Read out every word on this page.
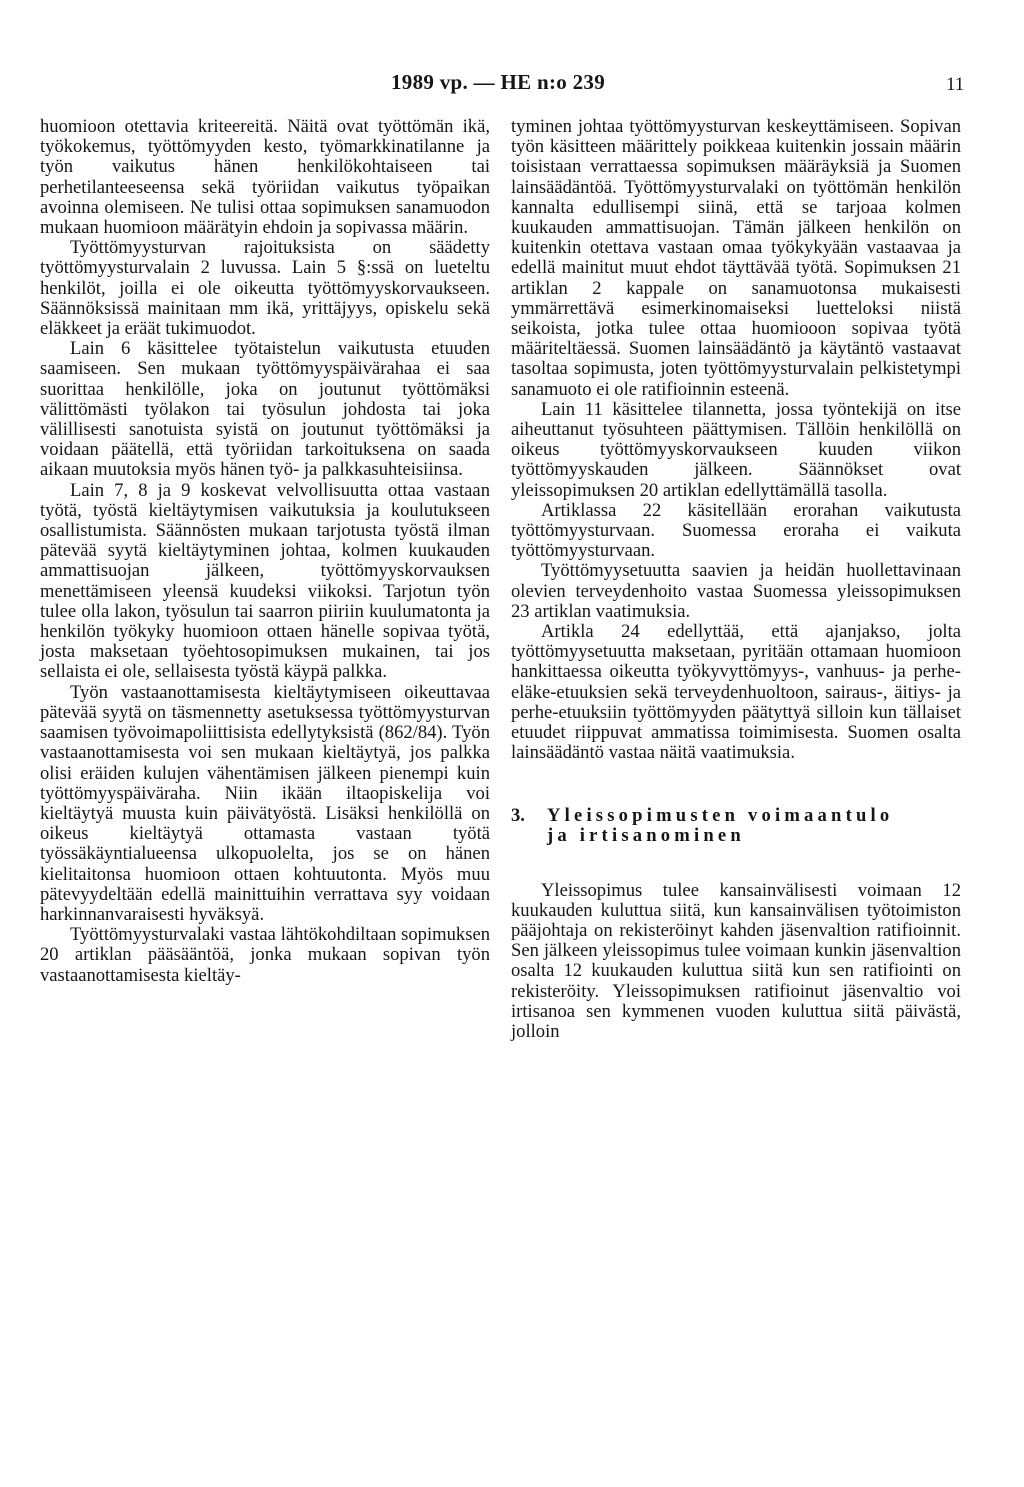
1989 vp. — HE n:o 239	11

huomioon otettavia kriteereitä. Näitä ovat työttömän ikä, työkokemus, työttömyyden kesto, työmarkkinatilanne ja työn vaikutus hänen henkilökohtaiseen tai perhetilanteeseensa sekä työriidan vaikutus työpaikan avoinna olemiseen. Ne tulisi ottaa sopimuksen sanamuodon mukaan huomioon määrätyin ehdoin ja sopivassa määrin.

Työttömyysturvan rajoituksista on säädetty työttömyysturvalain 2 luvussa. Lain 5 §:ssä on lueteltu henkilöt, joilla ei ole oikeutta työttömyyskorvaukseen. Säännöksissä mainitaan mm ikä, yrittäjyys, opiskelu sekä eläkkeet ja eräät tukimuodot.

Lain 6 käsittelee työtaistelun vaikutusta etuuden saamiseen. Sen mukaan työttömyyspäivärahaa ei saa suorittaa henkilölle, joka on joutunut työttömäksi välittömästi työlakon tai työsulun johdosta tai joka välillisesti sanotuista syistä on joutunut työttömäksi ja voidaan päätellä, että työriidan tarkoituksena on saada aikaan muutoksia myös hänen työ- ja palkkasuhteisiinsa.

Lain 7, 8 ja 9 koskevat velvollisuutta ottaa vastaan työtä, työstä kieltäytymisen vaikutuksia ja koulutukseen osallistumista. Säännösten mukaan tarjotusta työstä ilman pätevää syytä kieltäytyminen johtaa, kolmen kuukauden ammattisuojan jälkeen, työttömyyskorvauksen menettämiseen yleensä kuudeksi viikoksi. Tarjotun työn tulee olla lakon, työsulun tai saarron piiriin kuulumatonta ja henkilön työkyky huomioon ottaen hänelle sopivaa työtä, josta maksetaan työehtosopimuksen mukainen, tai jos sellaista ei ole, sellaisesta työstä käypä palkka.

Työn vastaanottamisesta kieltäytymiseen oikeuttavaa pätevää syytä on täsmennetty asetuksessa työttömyysturvan saamisen työvoimapoliittisista edellytyksistä (862/84). Työn vastaanottamisesta voi sen mukaan kieltäytyä, jos palkka olisi eräiden kulujen vähentämisen jälkeen pienempi kuin työttömyyspäiväraha. Niin ikään iltaopiskelija voi kieltäytyä muusta kuin päivätyöstä. Lisäksi henkilöllä on oikeus kieltäytyä ottamasta vastaan työtä työssäkäyntialueensa ulkopuolelta, jos se on hänen kielitaitonsa huomioon ottaen kohtuutonta. Myös muu pätevyydeltään edellä mainittuihin verrattava syy voidaan harkinnanvaraisesti hyväksyä.

Työttömyysturvalaki vastaa lähtökohdiltaan sopimuksen 20 artiklan pääsääntöä, jonka mukaan sopivan työn vastaanottamisesta kieltäy-

tyminen johtaa työttömyysturvan keskeyttämiseen. Sopivan työn käsitteen määrittely poikkeaa kuitenkin jossain määrin toisistaan verrattaessa sopimuksen määräyksiä ja Suomen lainsäädäntöä. Työttömyysturvalaki on työttömän henkilön kannalta edullisempi siinä, että se tarjoaa kolmen kuukauden ammattisuojan. Tämän jälkeen henkilön on kuitenkin otettava vastaan omaa työkykyään vastaavaa ja edellä mainitut muut ehdot täyttävää työtä. Sopimuksen 21 artiklan 2 kappale on sanamuotonsa mukaisesti ymmärrettävä esimerkinomaiseksi luetteloksi niistä seikoista, jotka tulee ottaa huomiooon sopivaa työtä määriteltäessä. Suomen lainsäädäntö ja käytäntö vastaavat tasoltaa sopimusta, joten työttömyysturvalain pelkistetympi sanamuoto ei ole ratifioinnin esteenä.

Lain 11 käsittelee tilannetta, jossa työntekijä on itse aiheuttanut työsuhteen päättymisen. Tällöin henkilöllä on oikeus työttömyyskorvaukseen kuuden viikon työttömyyskauden jälkeen. Säännökset ovat yleissopimuksen 20 artiklan edellyttämällä tasolla.

Artiklassa 22 käsitellään erorahan vaikutusta työttömyysturvaan. Suomessa eroraha ei vaikuta työttömyysturvaan.

Työttömyysetuutta saavien ja heidän huollettavinaan olevien terveydenhoito vastaa Suomessa yleissopimuksen 23 artiklan vaatimuksia.

Artikla 24 edellyttää, että ajanjakso, jolta työttömyysetuutta maksetaan, pyritään ottamaan huomioon hankittaessa oikeutta työkyvyttömyys-, vanhuus- ja perhe-eläke-etuuksien sekä terveydenhuoltoon, sairaus-, äitiys- ja perhe-etuuksiin työttömyyden päätyttyä silloin kun tällaiset etuudet riippuvat ammatissa toimimisesta. Suomen osalta lainsäädäntö vastaa näitä vaatimuksia.

3. Yleissopimusten voimaantulo
ja irtisanominen

Yleissopimus tulee kansainvälisesti voimaan 12 kuukauden kuluttua siitä, kun kansainvälisen työtoimiston pääjohtaja on rekisteröinyt kahden jäsenvaltion ratifioinnit. Sen jälkeen yleissopimus tulee voimaan kunkin jäsenvaltion osalta 12 kuukauden kuluttua siitä kun sen ratifiointi on rekisteröity. Yleissopimuksen ratifioinut jäsenvaltio voi irtisanoa sen kymmenen vuoden kuluttua siitä päivästä, jolloin
